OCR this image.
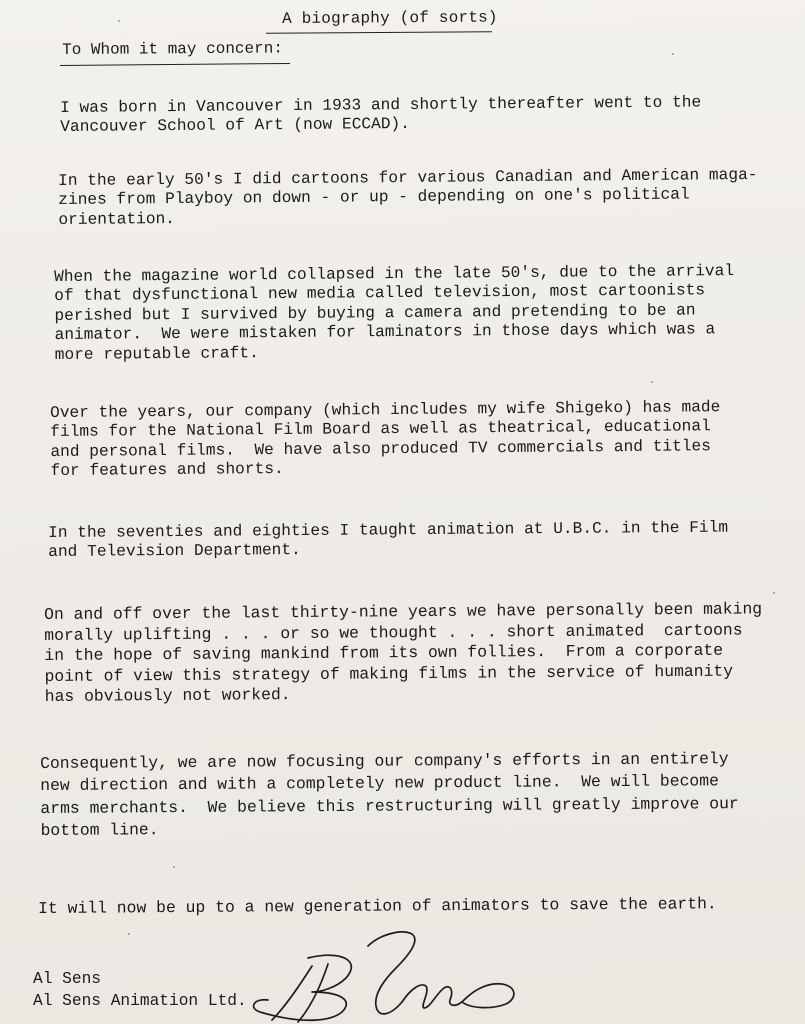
A biography (of sorts)
To Whom it may concern:
I was born in Vancouver in 1933 and shortly thereafter went to the
Vancouver School of Art (now ECCAD).
In the early 50's I did cartoons for various Canadian and American maga-
zines from Playboy on down - or up - depending on one's political
orientation.
When the magazine world collapsed in the late 50's, due to the arrival
of that dysfunctional new media called television, most cartoonists
perished but I survived by buying a camera and pretending to be an
animator.  We were mistaken for laminators in those days which was a
more reputable craft.
Over the years, our company (which includes my wife Shigeko) has made
films for the National Film Board as well as theatrical, educational
and personal films.  We have also produced TV commercials and titles
for features and shorts.
In the seventies and eighties I taught animation at U.B.C. in the Film
and Television Department.
On and off over the last thirty-nine years we have personally been making
morally uplifting . . . or so we thought . . . short animated  cartoons
in the hope of saving mankind from its own follies.  From a corporate
point of view this strategy of making films in the service of humanity
has obviously not worked.
Consequently, we are now focusing our company's efforts in an entirely
new direction and with a completely new product line.  We will become
arms merchants.  We believe this restructuring will greatly improve our
bottom line.
It will now be up to a new generation of animators to save the earth.
Al Sens
Al Sens Animation Ltd.
